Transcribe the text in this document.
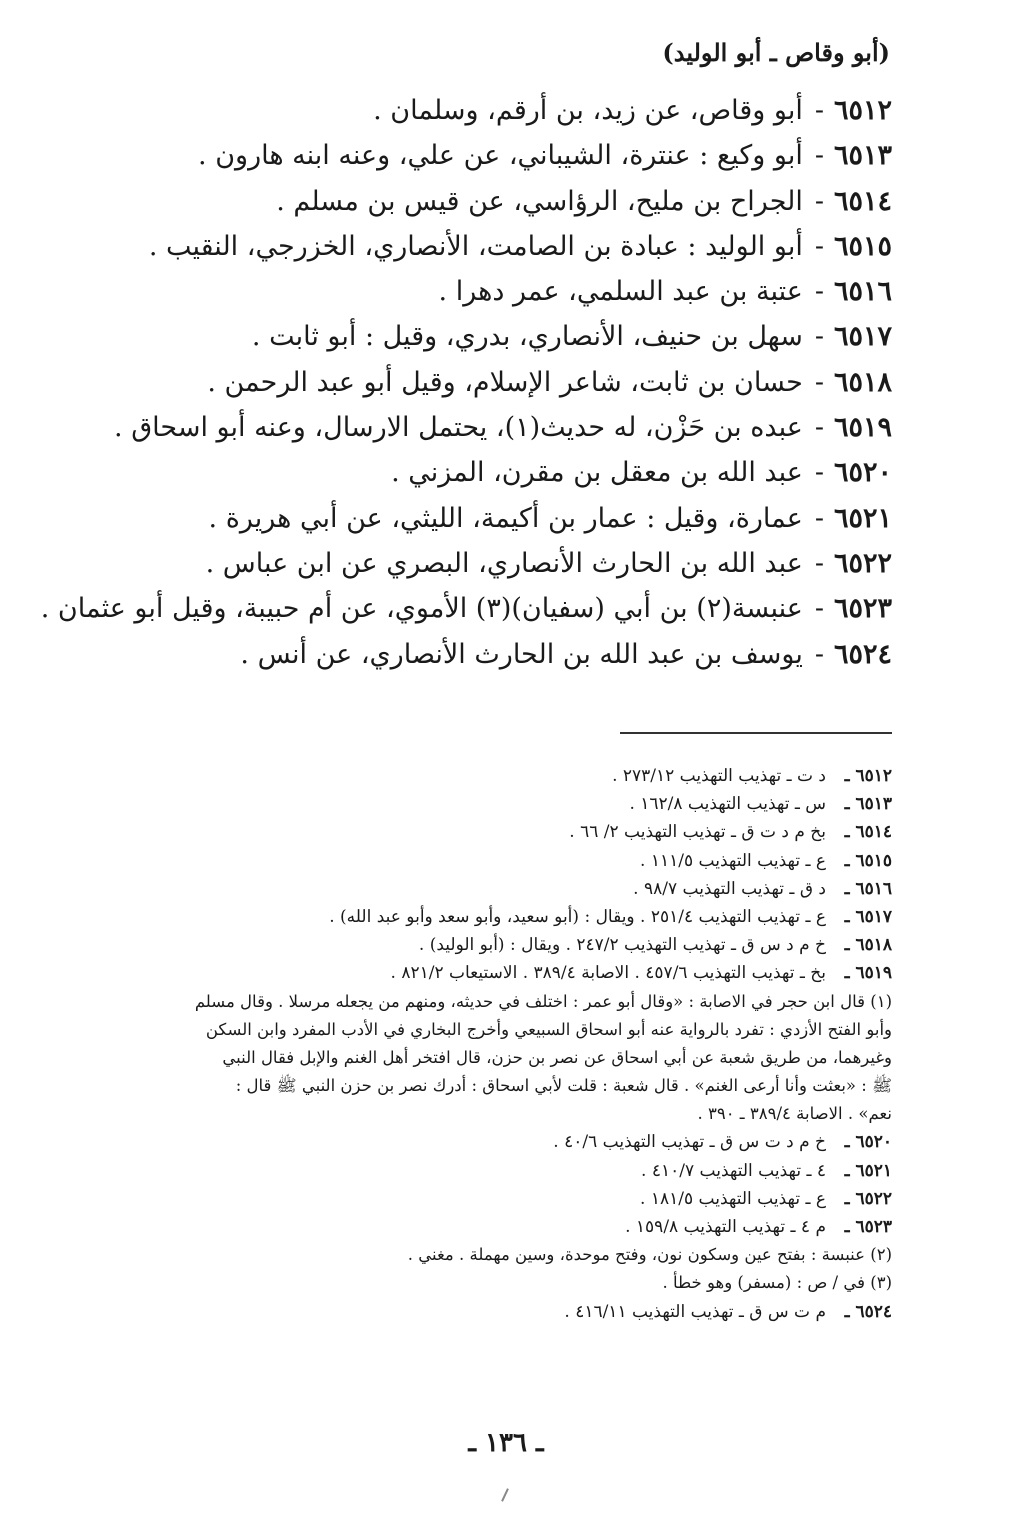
(أبو وقاص ـ أبو الوليد)
٦٥١٢
-
أبو وقاص، عن زيد، بن أرقم، وسلمان .
٦٥١٣
-
أبو وكيع : عنترة، الشيباني، عن علي، وعنه ابنه هارون .
٦٥١٤
-
الجراح بن مليح، الرؤاسي، عن قيس بن مسلم .
٦٥١٥
-
أبو الوليد : عبادة بن الصامت، الأنصاري، الخزرجي، النقيب .
٦٥١٦
-
عتبة بن عبد السلمي، عمر دهرا .
٦٥١٧
-
سهل بن حنيف، الأنصاري، بدري، وقيل : أبو ثابت .
٦٥١٨
-
حسان بن ثابت، شاعر الإسلام، وقيل أبو عبد الرحمن .
٦٥١٩
-
عبده بن حَزْن، له حديث(١)، يحتمل الارسال، وعنه أبو اسحاق .
٦٥٢٠
-
عبد الله بن معقل بن مقرن، المزني .
٦٥٢١
-
عمارة، وقيل : عمار بن أكيمة، الليثي، عن أبي هريرة .
٦٥٢٢
-
عبد الله بن الحارث الأنصاري، البصري عن ابن عباس .
٦٥٢٣
-
عنبسة(٢) بن أبي (سفيان)(٣) الأموي، عن أم حبيبة، وقيل أبو عثمان .
٦٥٢٤
-
يوسف بن عبد الله بن الحارث الأنصاري، عن أنس .
٦٥١٢ ـ
د ت ـ تهذيب التهذيب ٢٧٣/١٢ .
٦٥١٣ ـ
س ـ تهذيب التهذيب ١٦٢/٨ .
٦٥١٤ ـ
بخ م د ت ق ـ تهذيب التهذيب ٢/ ٦٦ .
٦٥١٥ ـ
ع ـ تهذيب التهذيب ١١١/٥ .
٦٥١٦ ـ
د ق ـ تهذيب التهذيب ٩٨/٧ .
٦٥١٧ ـ
ع ـ تهذيب التهذيب ٢٥١/٤ . ويقال : (أبو سعيد، وأبو سعد وأبو عبد الله) .
٦٥١٨ ـ
خ م د س ق ـ تهذيب التهذيب ٢٤٧/٢ . ويقال : (أبو الوليد) .
٦٥١٩ ـ
بخ ـ تهذيب التهذيب ٤٥٧/٦ . الاصابة ٣٨٩/٤ . الاستيعاب ٨٢١/٢ .
(١) قال ابن حجر في الاصابة : «وقال أبو عمر : اختلف في حديثه، ومنهم من يجعله مرسلا . وقال مسلم
وأبو الفتح الأزدي : تفرد بالرواية عنه أبو اسحاق السبيعي وأخرج البخاري في الأدب المفرد وابن السكن
وغيرهما، من طريق شعبة عن أبي اسحاق عن نصر بن حزن، قال افتخر أهل الغنم والإبل فقال النبي
ﷺ : «بعثت وأنا أرعى الغنم» . قال شعبة : قلت لأبي اسحاق : أدرك نصر بن حزن النبي ﷺ قال :
نعم» . الاصابة ٣٨٩/٤ ـ ٣٩٠ .
٦٥٢٠ ـ
خ م د ت س ق ـ تهذيب التهذيب ٤٠/٦ .
٦٥٢١ ـ
٤ ـ تهذيب التهذيب ٤١٠/٧ .
٦٥٢٢ ـ
ع ـ تهذيب التهذيب ١٨١/٥ .
٦٥٢٣ ـ
م ٤ ـ تهذيب التهذيب ١٥٩/٨ .
(٢) عنبسة : بفتح عين وسكون نون، وفتح موحدة، وسين مهملة . مغني .
(٣) في / ص : (مسفر) وهو خطأ .
٦٥٢٤ ـ
م ت س ق ـ تهذيب التهذيب ٤١٦/١١ .
ـ ١٣٦ ـ
